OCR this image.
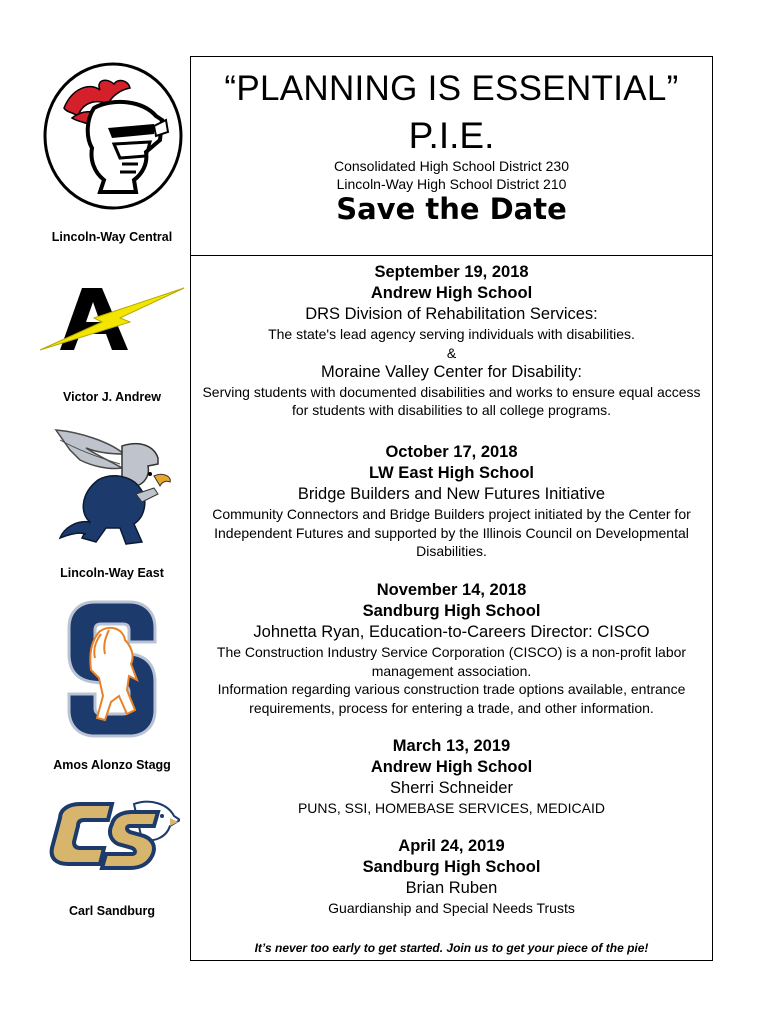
Lincoln-Way Central
Victor J. Andrew
Lincoln-Way East
Amos Alonzo Stagg
Carl Sandburg
“PLANNING IS ESSENTIAL”
P.I.E.
Consolidated High School District 230
Lincoln-Way High School District 210
Save the Date
September 19, 2018
Andrew High School
DRS Division of Rehabilitation Services:
The state's lead agency serving individuals with disabilities.
&
Moraine Valley Center for Disability:
Serving students with documented disabilities and works to ensure equal access for students with disabilities to all college programs.
October 17, 2018
LW East High School
Bridge Builders and New Futures Initiative
Community Connectors and Bridge Builders project initiated by the Center for Independent Futures and supported by the Illinois Council on Developmental Disabilities.
November 14, 2018
Sandburg High School
Johnetta Ryan, Education-to-Careers Director: CISCO
The Construction Industry Service Corporation (CISCO) is a non-profit labor management association.
Information regarding various construction trade options available, entrance requirements, process for entering a trade, and other information.
March 13, 2019
Andrew High School
Sherri Schneider
PUNS, SSI, HOMEBASE SERVICES, MEDICAID
April 24, 2019
Sandburg High School
Brian Ruben
Guardianship and Special Needs Trusts
It’s never too early to get started. Join us to get your piece of the pie!
